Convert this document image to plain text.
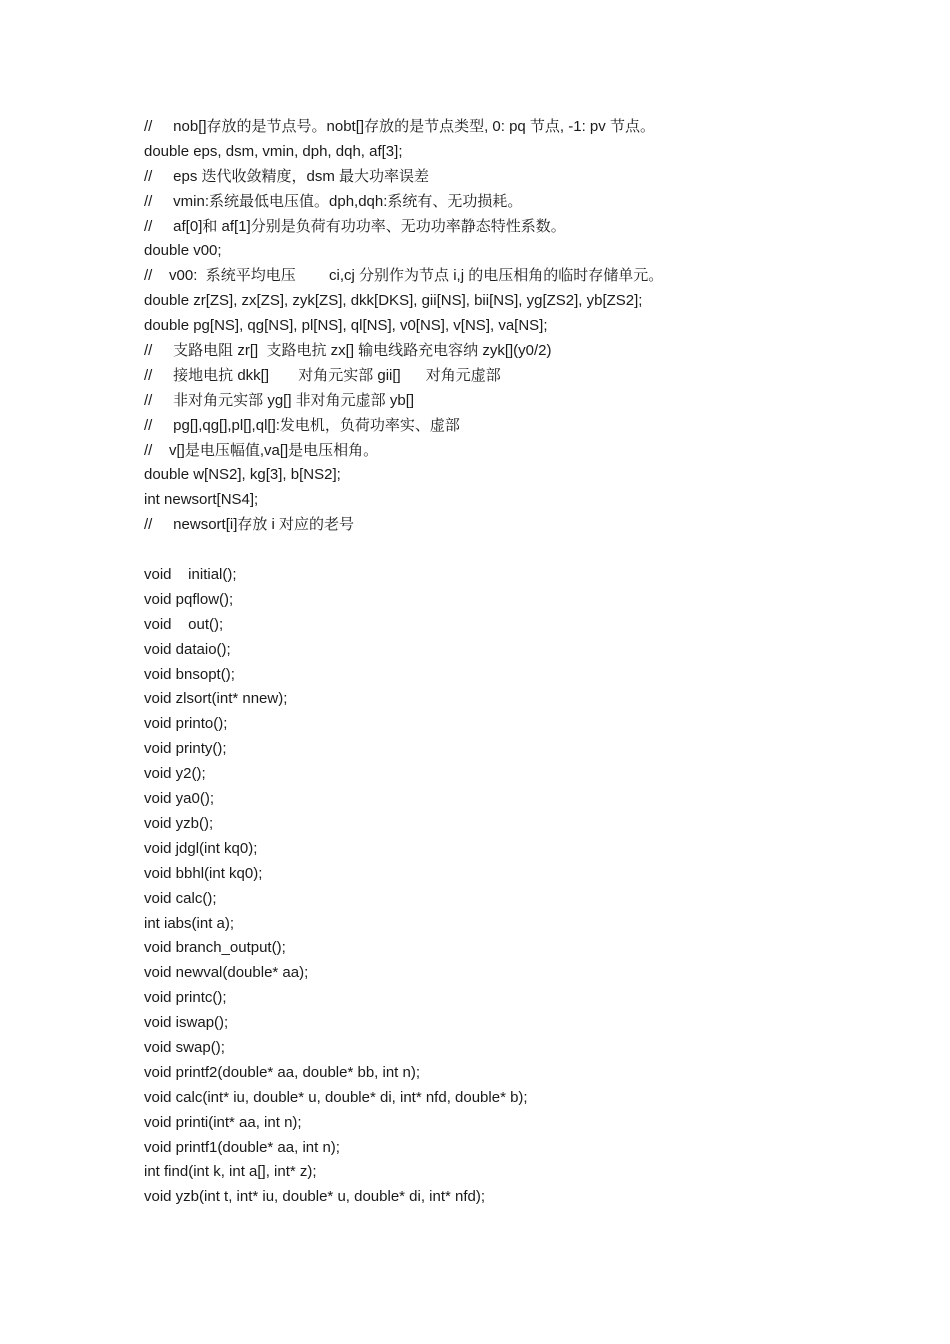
//     nob[]存放的是节点号。nobt[]存放的是节点类型, 0: pq 节点, -1: pv 节点。
double eps, dsm, vmin, dph, dqh, af[3];
//     eps 迭代收敛精度，dsm 最大功率误差
//     vmin:系统最低电压值。dph,dqh:系统有、无功损耗。
//     af[0]和 af[1]分别是负荷有功功率、无功功率静态特性系数。
double v00;
//    v00:  系统平均电压        ci,cj 分别作为节点 i,j 的电压相角的临时存储单元。
double zr[ZS], zx[ZS], zyk[ZS], dkk[DKS], gii[NS], bii[NS], yg[ZS2], yb[ZS2];
double pg[NS], qg[NS], pl[NS], ql[NS], v0[NS], v[NS], va[NS];
//     支路电阻 zr[]  支路电抗 zx[] 输电线路充电容纳 zyk[](y0/2)
//     接地电抗 dkk[]       对角元实部 gii[]      对角元虚部
//     非对角元实部 yg[] 非对角元虚部 yb[]
//     pg[],qg[],pl[],ql[]:发电机，负荷功率实、虚部
//    v[]是电压幅值,va[]是电压相角。
double w[NS2], kg[3], b[NS2];
int newsort[NS4];
//     newsort[i]存放 i 对应的老号
void    initial();
void pqflow();
void    out();
void dataio();
void bnsopt();
void zlsort(int* nnew);
void printo();
void printy();
void y2();
void ya0();
void yzb();
void jdgl(int kq0);
void bbhl(int kq0);
void calc();
int iabs(int a);
void branch_output();
void newval(double* aa);
void printc();
void iswap();
void swap();
void printf2(double* aa, double* bb, int n);
void calc(int* iu, double* u, double* di, int* nfd, double* b);
void printi(int* aa, int n);
void printf1(double* aa, int n);
int find(int k, int a[], int* z);
void yzb(int t, int* iu, double* u, double* di, int* nfd);
